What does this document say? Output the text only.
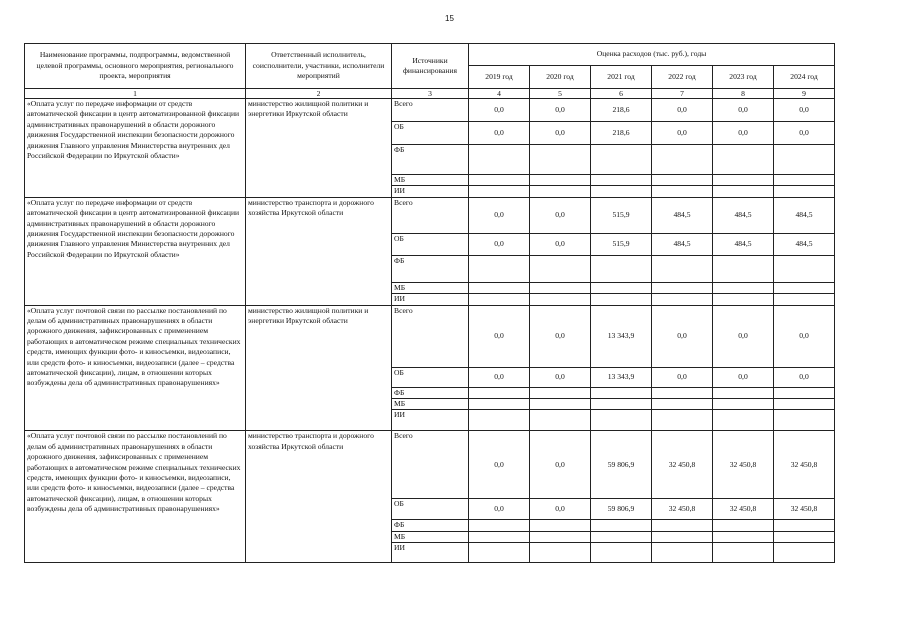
15
Наименование программы, подпрограммы, ведомственной целевой программы, основного мероприятия, регионального проекта, мероприятия	Ответственный исполнитель, соисполнители, участники, исполнители мероприятий	Источники финансирования	Оценка расходов (тыс. руб.), годы					
			2019 год	2020 год	2021 год	2022 год	2023 год	2024 год
1	2	3	4	5	6	7	8	9
«Оплата услуг по передаче информации от средств автоматической фиксации в центр автоматизированной фиксации административных правонарушений в области дорожного движения Государственной инспекции безопасности дорожного движения Главного управления Министерства внутренних дел Российской Федерации по Иркутской области»	министерство жилищной политики и энергетики Иркутской области	Всего	0,0	0,0	218,6	0,0	0,0	0,0
		ОБ	0,0	0,0	218,6	0,0	0,0	0,0
		ФБ						
		МБ						
		ИИ						
«Оплата услуг по передаче информации от средств автоматической фиксации в центр автоматизированной фиксации административных правонарушений в области дорожного движения Государственной инспекции безопасности дорожного движения Главного управления Министерства внутренних дел Российской Федерации по Иркутской области»	министерство транспорта и дорожного хозяйства Иркутской области	Всего	0,0	0,0	515,9	484,5	484,5	484,5
		ОБ	0,0	0,0	515,9	484,5	484,5	484,5
		ФБ						
		МБ						
		ИИ						
«Оплата услуг почтовой связи по рассылке постановлений по делам об административных правонарушениях в области дорожного движения, зафиксированных с применением работающих в автоматическом режиме специальных технических средств, имеющих функции фото- и киносъемки, видеозаписи, или средств фото- и киносъемки, видеозаписи (далее – средства автоматической фиксации), лицам, в отношении которых возбуждены дела об административных правонарушениях»	министерство жилищной политики и энергетики Иркутской области	Всего	0,0	0,0	13 343,9	0,0	0,0	0,0
		ОБ	0,0	0,0	13 343,9	0,0	0,0	0,0
		ФБ						
		МБ						
		ИИ						
«Оплата услуг почтовой связи по рассылке постановлений по делам об административных правонарушениях в области дорожного движения, зафиксированных с применением работающих в автоматическом режиме специальных технических средств, имеющих функции фото- и киносъемки, видеозаписи, или средств фото- и киносъемки, видеозаписи (далее – средства автоматической фиксации), лицам, в отношении которых возбуждены дела об административных правонарушениях»	министерство транспорта и дорожного хозяйства Иркутской области	Всего	0,0	0,0	59 806,9	32 450,8	32 450,8	32 450,8
		ОБ	0,0	0,0	59 806,9	32 450,8	32 450,8	32 450,8
		ФБ						
		МБ						
		ИИ						
